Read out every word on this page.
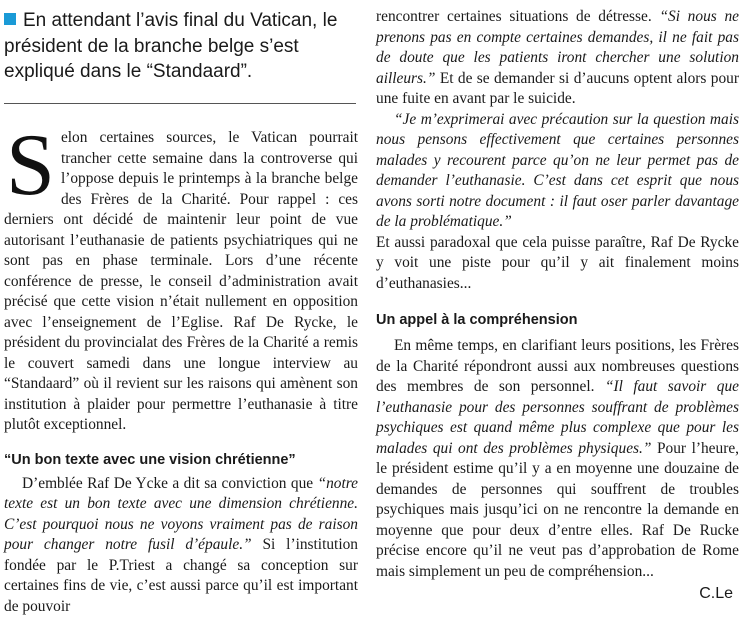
En attendant l’avis final du Vatican, le président de la branche belge s’est expliqué dans le “Standaard”.
S elon certaines sources, le Vatican pourrait trancher cette semaine dans la controverse qui l’oppose depuis le printemps à la branche belge des Frères de la Charité. Pour rappel : ces derniers ont décidé de maintenir leur point de vue autorisant l’euthanasie de patients psychiatriques qui ne sont pas en phase terminale. Lors d’une récente conférence de presse, le conseil d’administration avait précisé que cette vision n’était nullement en opposition avec l’enseignement de l’Eglise. Raf De Rycke, le président du provincialat des Frères de la Charité a remis le couvert samedi dans une longue interview au “Standaard” où il revient sur les raisons qui amènent son institution à plaider pour permettre l’euthanasie à titre plutôt exceptionnel.

“Un bon texte avec une vision chrétienne”

D’emblée Raf De Ycke a dit sa conviction que “notre texte est un bon texte avec une dimension chrétienne. C’est pourquoi nous ne voyons vraiment pas de raison pour changer notre fusil d’épaule.” Si l’institution fondée par le P.Triest a changé sa conception sur certaines fins de vie, c’est aussi parce qu’il est important de pouvoir

rencontrer certaines situations de détresse. “Si nous ne prenons pas en compte certaines demandes, il ne fait pas de doute que les patients iront chercher une solution ailleurs.” Et de se demander si d’aucuns optent alors pour une fuite en avant par le suicide.

“Je m’exprimerai avec précaution sur la question mais nous pensons effectivement que certaines personnes malades y recourent parce qu’on ne leur permet pas de demander l’euthanasie. C’est dans cet esprit que nous avons sorti notre document : il faut oser parler davantage de la problématique.”

Et aussi paradoxal que cela puisse paraître, Raf De Rycke y voit une piste pour qu’il y ait finalement moins d’euthanasies...

Un appel à la compréhension

En même temps, en clarifiant leurs positions, les Frères de la Charité répondront aussi aux nombreuses questions des membres de son personnel. “Il faut savoir que l’euthanasie pour des personnes souffrant de problèmes psychiques est quand même plus complexe que pour les malades qui ont des problèmes physiques.” Pour l’heure, le président estime qu’il y a en moyenne une douzaine de demandes de personnes qui souffrent de troubles psychiques mais jusqu’ici on ne rencontre la demande en moyenne que pour deux d’entre elles. Raf De Rucke précise encore qu’il ne veut pas d’approbation de Rome mais simplement un peu de compréhension...

C.Le
